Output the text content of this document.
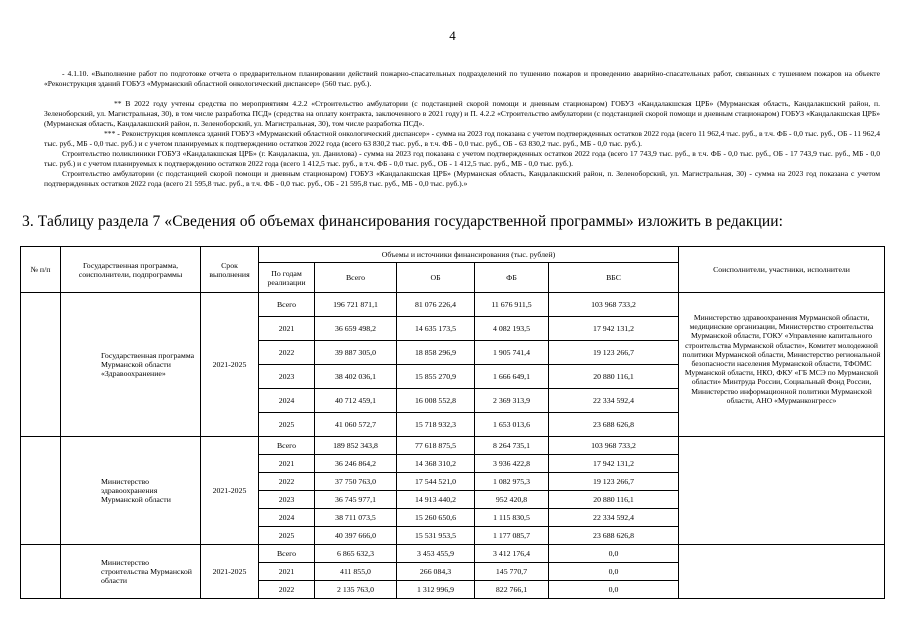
4
- 4.1.10. «Выполнение работ по подготовке отчета о предварительном планировании действий пожарно-спасательных подразделений по тушению пожаров и проведению аварийно-спасательных работ, связанных с тушением пожаров на объекте «Реконструкция зданий ГОБУЗ «Мурманский областной онкологический диспансер» (560 тыс. руб.).
** В 2022 году учтены средства по мероприятиям 4.2.2 «Строительство амбулатории (с подстанцией скорой помощи и дневным стационаром) ГОБУЗ «Кандалакшская ЦРБ» (Мурманская область, Кандалакшский район, п. Зеленоборский, ул. Магистральная, 30), в том числе разработка ПСД» (средства на оплату контракта, заключенного в 2021 году) и П. 4.2.2 «Строительство амбулатории (с подстанцией скорой помощи и дневным стационаром) ГОБУЗ «Кандалакшская ЦРБ» (Мурманская область, Кандалакшский район, п. Зеленоборский, ул. Магистральная, 30), том числе разработка ПСД».
*** - Реконструкция комплекса зданий ГОБУЗ «Мурманский областной онкологический диспансер» - сумма на 2023 год показана с учетом подтвержденных остатков 2022 года (всего 11 962,4 тыс. руб., в т.ч. ФБ - 0,0 тыс. руб., ОБ - 11 962,4 тыс. руб., МБ - 0,0 тыс. руб.) и с учетом планируемых к подтверждению остатков 2022 года (всего 63 830,2 тыс. руб., в т.ч. ФБ - 0,0 тыс. руб., ОБ - 63 830,2 тыс. руб., МБ - 0,0 тыс. руб.).
Строительство поликлиники ГОБУЗ «Кандалакшская ЦРБ» (г. Кандалакша, ул. Данилова) - сумма на 2023 год показана с учетом подтвержденных остатков 2022 года (всего 17 743,9 тыс. руб., в т.ч. ФБ - 0,0 тыс. руб., ОБ - 17 743,9 тыс. руб., МБ - 0,0 тыс. руб.) и с учетом планируемых к подтверждению остатков 2022 года (всего 1 412,5 тыс. руб., в т.ч. ФБ - 0,0 тыс. руб., ОБ - 1 412,5 тыс. руб., МБ - 0,0 тыс. руб.).
Строительство амбулатории (с подстанцией скорой помощи и дневным стационаром) ГОБУЗ «Кандалакшская ЦРБ» (Мурманская область, Кандалакшский район, п. Зеленоборский, ул. Магистральная, 30) - сумма на 2023 год показана с учетом подтвержденных остатков 2022 года (всего 21 595,8 тыс. руб., в т.ч. ФБ - 0,0 тыс. руб., ОБ - 21 595,8 тыс. руб., МБ - 0,0 тыс. руб.).»
3. Таблицу раздела 7 «Сведения об объемах финансирования государственной программы» изложить в редакции:
№ п/п	Государственная программа, соисполнители, подпрограммы	Срок выполнения	Объемы и источники финансирования (тыс. рублей)					Соисполнители, участники, исполнители
			По годам реализации	Всего	ОБ	ФБ	ВБС	
	Государственная программа Мурманской области «Здравоохранение»	2021-2025	Всего	196 721 871,1	81 076 226,4	11 676 911,5	103 968 733,2	Министерство здравоохранения Мурманской области, медицинские организации, Министерство строительства Мурманской области, ГОКУ «Управление капитального строительства Мурманской области», Комитет молодежной политики Мурманской области, Министерство региональной безопасности населения Мурманской области, ТФОМС Мурманской области, НКО, ФКУ «ГБ МСЭ по Мурманской области» Минтруда России, Социальный Фонд России, Министерство информационной политики Мурманской области, АНО «Мурманконгресс»
			2021	36 659 498,2	14 635 173,5	4 082 193,5	17 942 131,2	
			2022	39 887 305,0	18 858 296,9	1 905 741,4	19 123 266,7	
			2023	38 402 036,1	15 855 270,9	1 666 649,1	20 880 116,1	
			2024	40 712 459,1	16 008 552,8	2 369 313,9	22 334 592,4	
			2025	41 060 572,7	15 718 932,3	1 653 013,6	23 688 626,8	
	Министерство здравоохранения Мурманской области	2021-2025	Всего	189 852 343,8	77 618 875,5	8 264 735,1	103 968 733,2	
			2021	36 246 864,2	14 368 310,2	3 936 422,8	17 942 131,2	
			2022	37 750 763,0	17 544 521,0	1 082 975,3	19 123 266,7	
			2023	36 745 977,1	14 913 440,2	952 420,8	20 880 116,1	
			2024	38 711 073,5	15 260 650,6	1 115 830,5	22 334 592,4	
			2025	40 397 666,0	15 531 953,5	1 177 085,7	23 688 626,8	
	Министерство строительства Мурманской области	2021-2025	Всего	6 865 632,3	3 453 455,9	3 412 176,4	0,0	
			2021	411 855,0	266 084,3	145 770,7	0,0	
			2022	2 135 763,0	1 312 996,9	822 766,1	0,0	
